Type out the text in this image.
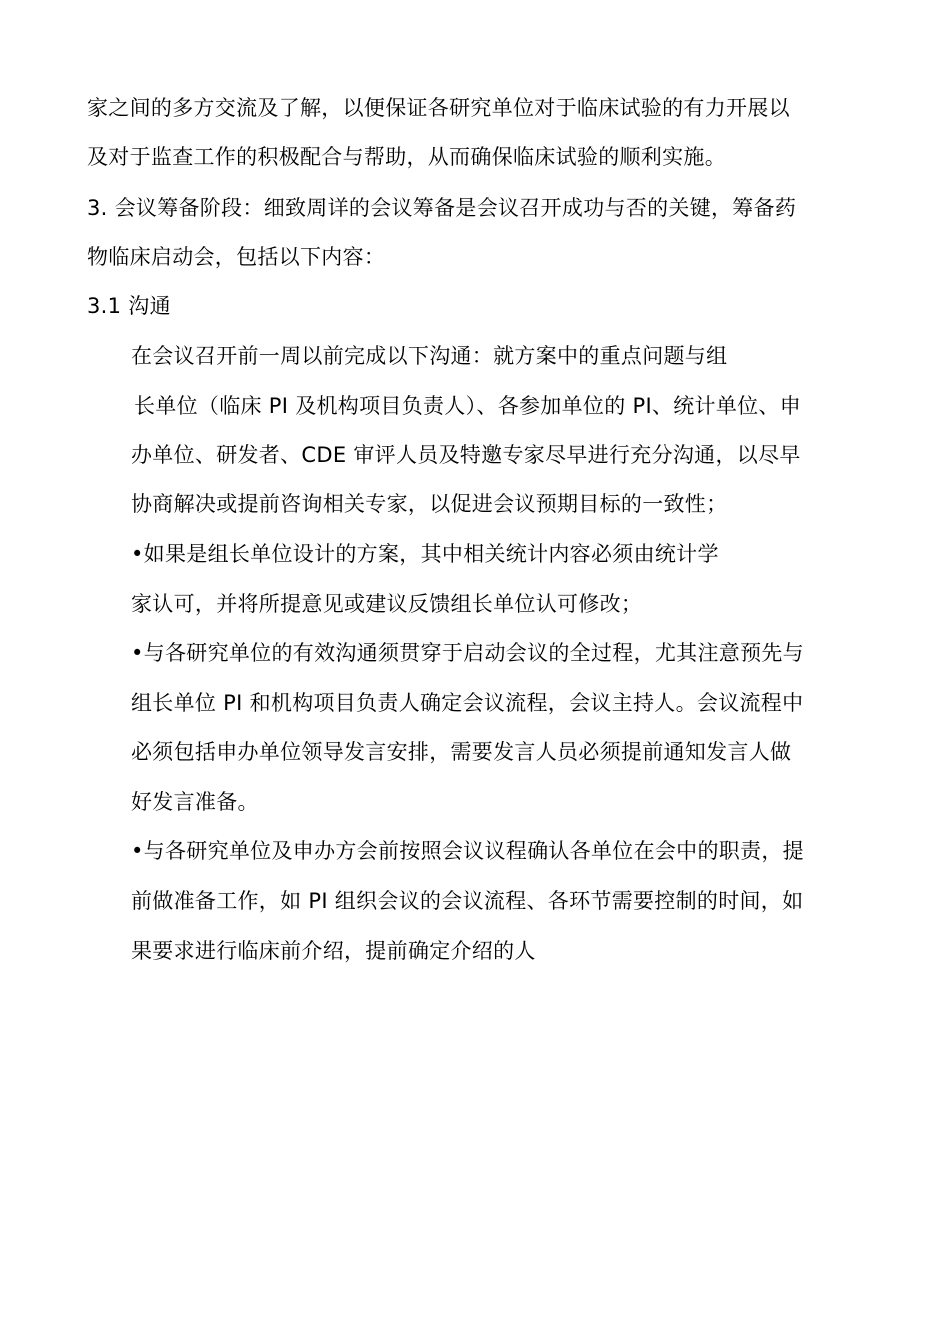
家之间的多方交流及了解，以便保证各研究单位对于临床试验的有力开展以
及对于监查工作的积极配合与帮助，从而确保临床试验的顺利实施。
3. 会议筹备阶段：细致周详的会议筹备是会议召开成功与否的关键，筹备药
物临床启动会，包括以下内容：
3.1 沟通
在会议召开前一周以前完成以下沟通：就方案中的重点问题与组
长单位（临床 PI 及机构项目负责人）、各参加单位的 PI、统计单位、申
办单位、研发者、CDE 审评人员及特邀专家尽早进行充分沟通，以尽早
协商解决或提前咨询相关专家，以促进会议预期目标的一致性；
•如果是组长单位设计的方案，其中相关统计内容必须由统计学
家认可，并将所提意见或建议反馈组长单位认可修改；
•与各研究单位的有效沟通须贯穿于启动会议的全过程，尤其注意预先与
组长单位 PI 和机构项目负责人确定会议流程，会议主持人。会议流程中
必须包括申办单位领导发言安排，需要发言人员必须提前通知发言人做
好发言准备。
•与各研究单位及申办方会前按照会议议程确认各单位在会中的职责，提
前做准备工作，如 PI 组织会议的会议流程、各环节需要控制的时间，如
果要求进行临床前介绍，提前确定介绍的人
